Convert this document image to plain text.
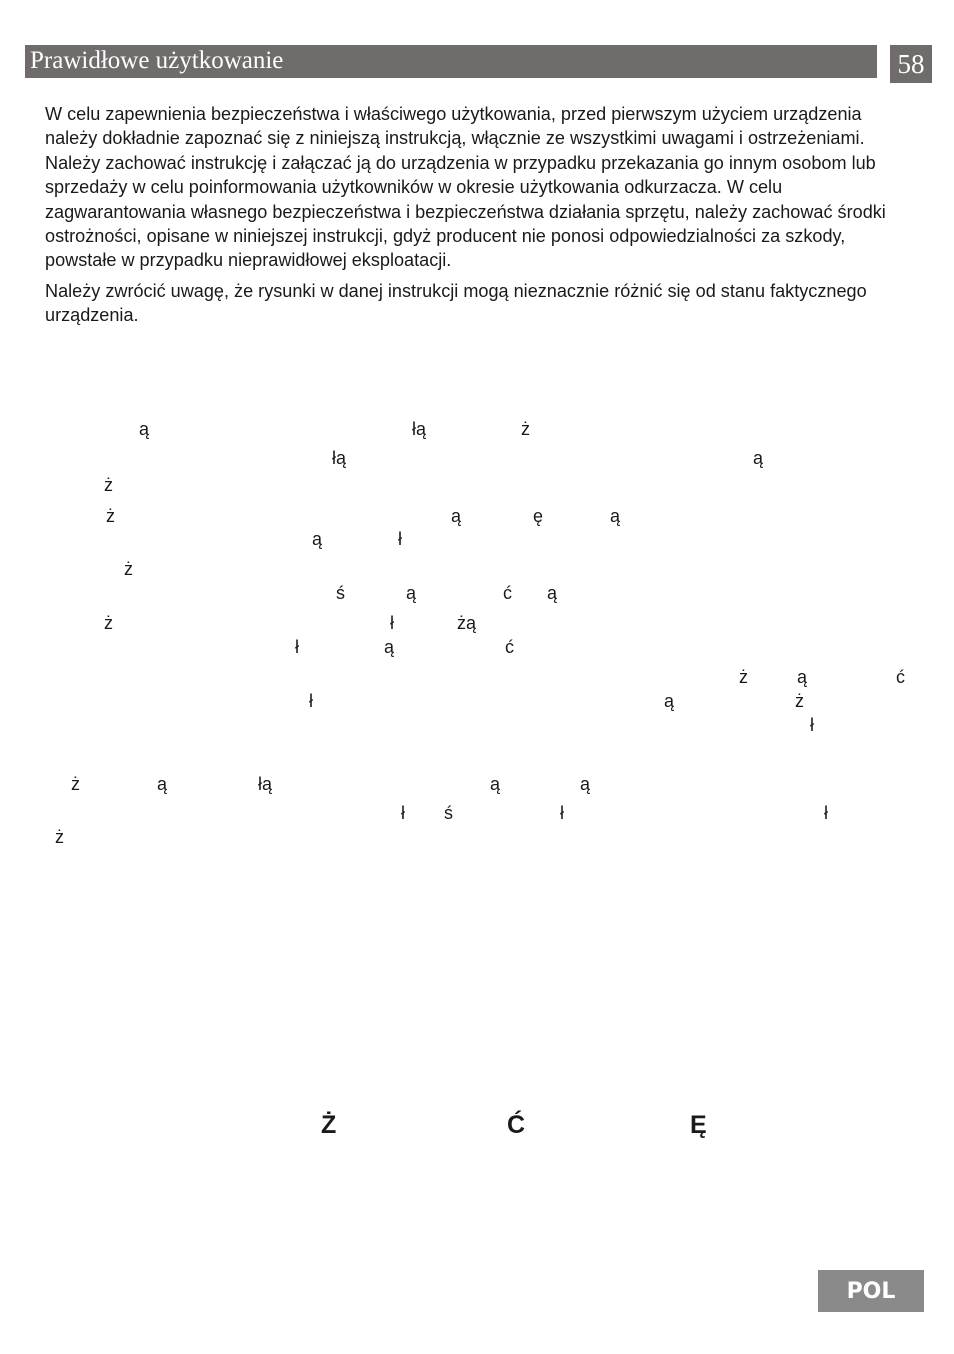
Prawidłowe użytkowanie	58

W celu zapewnienia bezpieczeństwa i właściwego użytkowania, przed pierwszym użyciem urządzenia należy dokładnie zapoznać się z niniejszą instrukcją, włącznie ze wszystkimi uwagami i ostrzeżeniami. Należy zachować instrukcję i załączać ją do urządzenia w przypadku przekazania go innym osobom lub sprzedaży w celu poinformowania użytkowników w okresie użytkowania odkurzacza. W celu zagwarantowania własnego bezpieczeństwa i bezpieczeństwa działania sprzętu, należy zachować środki ostrożności, opisane w niniejszej instrukcji, gdyż producent nie ponosi odpowiedzialności za szkody, powstałe w przypadku nieprawidłowej eksploatacji.

Należy zwrócić uwagę, że rysunki w danej instrukcji mogą nieznacznie różnić się od stanu faktycznego urządzenia.

ą	łą	ż
łą	ą
ż
ż	ą	ę	ą
ą	ł
ż
ś	ą	ć ą
ż	ł	żą
ł	ą	ć
ż	ą	ć
ł	ą	ż
ł
ż	ą	łą	ą	ą
ł ś	ł	ł
ż
Ż	Ć	Ę
POL
